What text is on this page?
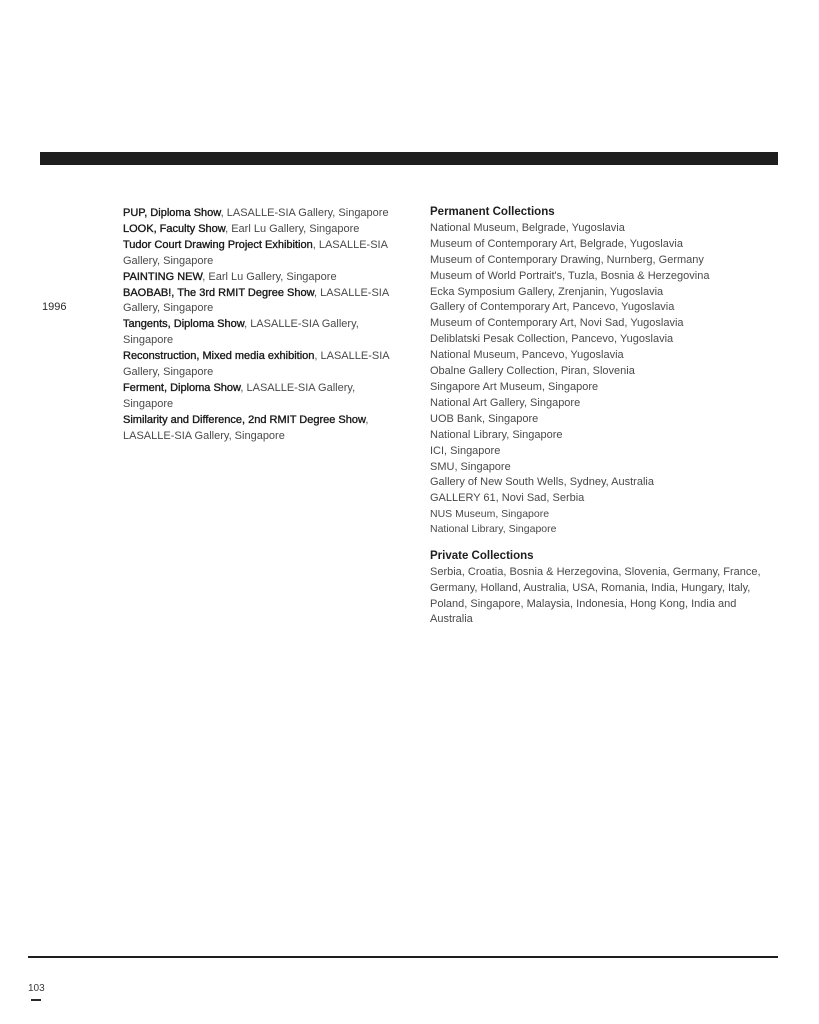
1996

PUP, Diploma Show, LASALLE-SIA Gallery, Singapore

LOOK, Faculty Show, Earl Lu Gallery, Singapore

Tudor Court Drawing Project Exhibition, LASALLE-SIA Gallery, Singapore

PAINTING NEW, Earl Lu Gallery, Singapore

BAOBAB!, The 3rd RMIT Degree Show, LASALLE-SIA Gallery, Singapore

Tangents, Diploma Show, LASALLE-SIA Gallery, Singapore

Reconstruction, Mixed media exhibition, LASALLE-SIA Gallery, Singapore

Ferment, Diploma Show, LASALLE-SIA Gallery, Singapore

Similarity and Difference, 2nd RMIT Degree Show, LASALLE-SIA Gallery, Singapore

Permanent Collections
National Museum, Belgrade, Yugoslavia
Museum of Contemporary Art, Belgrade, Yugoslavia
Museum of Contemporary Drawing, Nurnberg, Germany
Museum of World Portrait's, Tuzla, Bosnia & Herzegovina
Ecka Symposium Gallery, Zrenjanin, Yugoslavia
Gallery of Contemporary Art, Pancevo, Yugoslavia
Museum of Contemporary Art, Novi Sad, Yugoslavia
Deliblatski Pesak Collection, Pancevo, Yugoslavia
National Museum, Pancevo, Yugoslavia
Obalne Gallery Collection, Piran, Slovenia
Singapore Art Museum, Singapore
National Art Gallery, Singapore
UOB Bank, Singapore
National Library, Singapore
ICI, Singapore
SMU, Singapore
Gallery of New South Wells, Sydney, Australia
GALLERY 61, Novi Sad, Serbia
NUS Museum, Singapore
National Library, Singapore
Private Collections

Serbia, Croatia, Bosnia & Herzegovina, Slovenia, Germany, France, Germany, Holland, Australia, USA, Romania, India, Hungary, Italy, Poland, Singapore, Malaysia, Indonesia, Hong Kong, India and Australia

103
